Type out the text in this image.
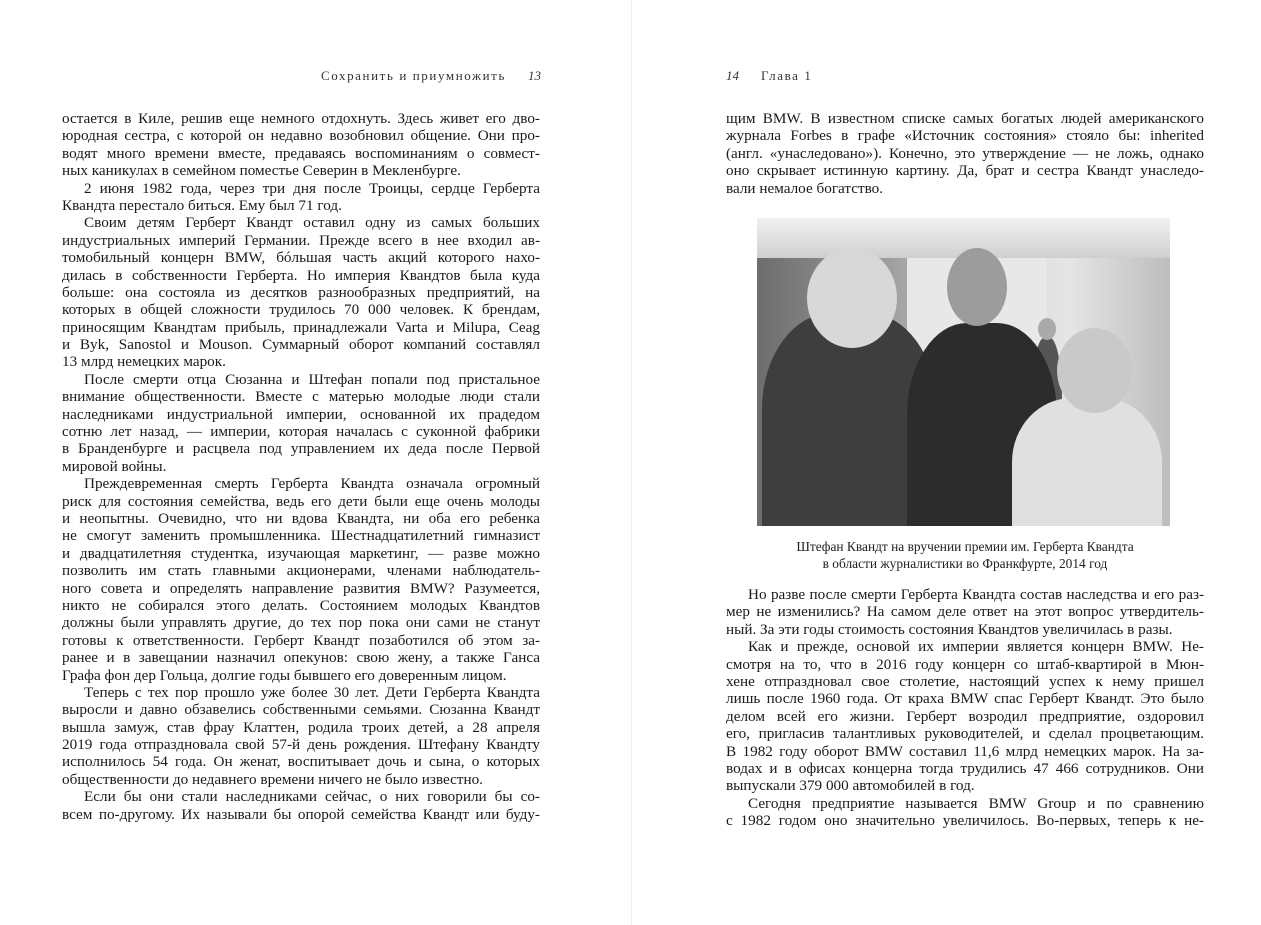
Сохранить и приумножить 13
остается в Киле, решив еще немного отдохнуть. Здесь живет его дво-
юродная сестра, с которой он недавно возобновил общение. Они про-
водят много времени вместе, предаваясь воспоминаниям о совмест-
ных каникулах в семейном поместье Северин в Мекленбурге.
2 июня 1982 года, через три дня после Троицы, сердце Герберта
Квандта перестало биться. Ему был 71 год.
Своим детям Герберт Квандт оставил одну из самых больших
индустриальных империй Германии. Прежде всего в нее входил ав-
томобильный концерн BMW, бóльшая часть акций которого нахо-
дилась в собственности Герберта. Но империя Квандтов была куда
больше: она состояла из десятков разнообразных предприятий, на
которых в общей сложности трудилось 70 000 человек. К брендам,
приносящим Квандтам прибыль, принадлежали Varta и Milupa, Ceag
и Byk, Sanostol и Mouson. Суммарный оборот компаний составлял
13 млрд немецких марок.
После смерти отца Сюзанна и Штефан попали под пристальное
внимание общественности. Вместе с матерью молодые люди стали
наследниками индустриальной империи, основанной их прадедом
сотню лет назад, — империи, которая началась с суконной фабрики
в Бранденбурге и расцвела под управлением их деда после Первой
мировой войны.
Преждевременная смерть Герберта Квандта означала огромный
риск для состояния семейства, ведь его дети были еще очень молоды
и неопытны. Очевидно, что ни вдова Квандта, ни оба его ребенка
не смогут заменить промышленника. Шестнадцатилетний гимназист
и двадцатилетняя студентка, изучающая маркетинг, — разве можно
позволить им стать главными акционерами, членами наблюдатель-
ного совета и определять направление развития BMW? Разумеется,
никто не собирался этого делать. Состоянием молодых Квандтов
должны были управлять другие, до тех пор пока они сами не станут
готовы к ответственности. Герберт Квандт позаботился об этом за-
ранее и в завещании назначил опекунов: свою жену, а также Ганса
Графа фон дер Гольца, долгие годы бывшего его доверенным лицом.
Теперь с тех пор прошло уже более 30 лет. Дети Герберта Квандта
выросли и давно обзавелись собственными семьями. Сюзанна Квандт
вышла замуж, став фрау Клаттен, родила троих детей, а 28 апреля
2019 года отпраздновала свой 57-й день рождения. Штефану Квандту
исполнилось 54 года. Он женат, воспитывает дочь и сына, о которых
общественности до недавнего времени ничего не было известно.
Если бы они стали наследниками сейчас, о них говорили бы со-
всем по-другому. Их называли бы опорой семейства Квандт или буду-
14 Глава 1
щим BMW. В известном списке самых богатых людей американского
журнала Forbes в графе «Источник состояния» стояло бы: inherited
(англ. «унаследовано»). Конечно, это утверждение — не ложь, однако
оно скрывает истинную картину. Да, брат и сестра Квандт унаследо-
вали немалое богатство.
Штефан Квандт на вручении премии им. Герберта Квандта
в области журналистики во Франкфурте, 2014 год
Но разве после смерти Герберта Квандта состав наследства и его раз-
мер не изменились? На самом деле ответ на этот вопрос утвердитель-
ный. За эти годы стоимость состояния Квандтов увеличилась в разы.
Как и прежде, основой их империи является концерн BMW. Не-
смотря на то, что в 2016 году концерн со штаб-квартирой в Мюн-
хене отпраздновал свое столетие, настоящий успех к нему пришел
лишь после 1960 года. От краха BMW спас Герберт Квандт. Это было
делом всей его жизни. Герберт возродил предприятие, оздоровил
его, пригласив талантливых руководителей, и сделал процветающим.
В 1982 году оборот BMW составил 11,6 млрд немецких марок. На за-
водах и в офисах концерна тогда трудились 47 466 сотрудников. Они
выпускали 379 000 автомобилей в год.
Сегодня предприятие называется BMW Group и по сравнению
с 1982 годом оно значительно увеличилось. Во-первых, теперь к не-
